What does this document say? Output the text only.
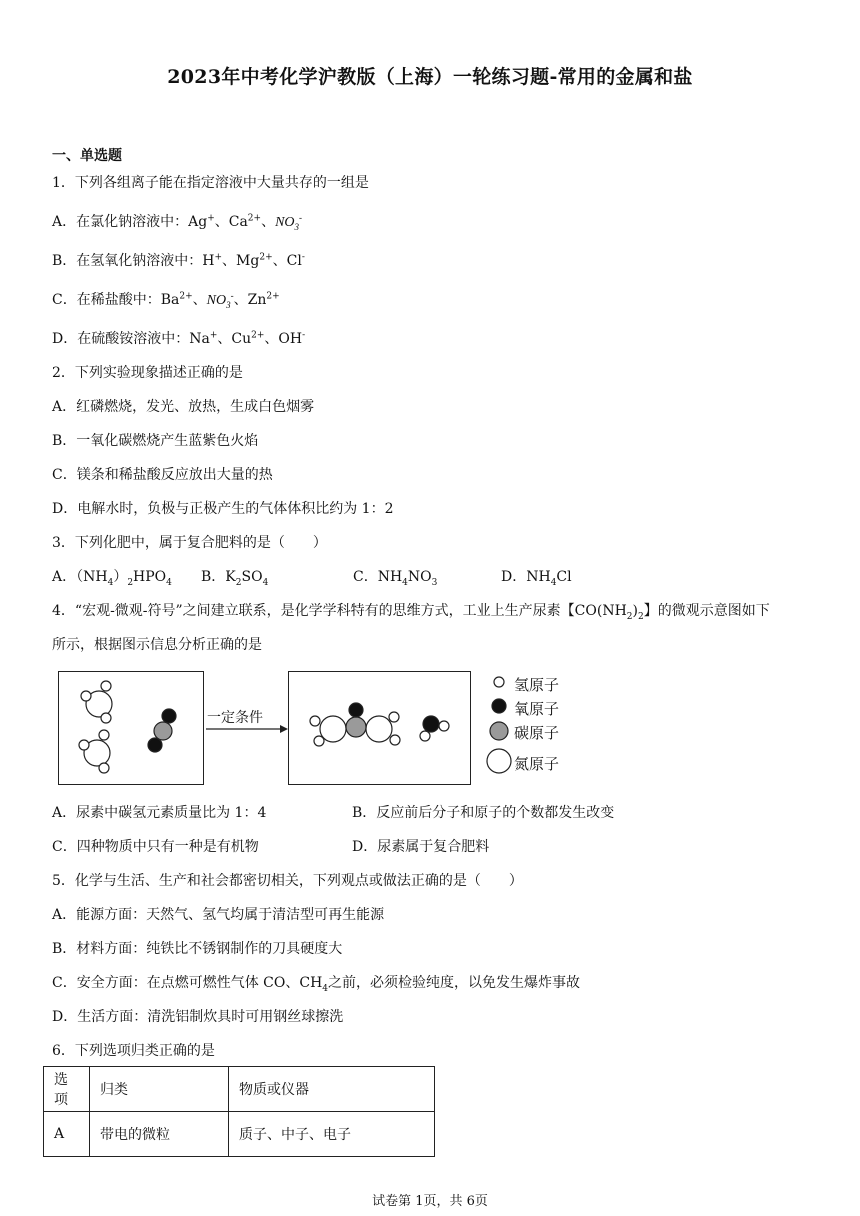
2023年中考化学沪教版（上海）一轮练习题-常用的金属和盐
一、单选题
1．下列各组离子能在指定溶液中大量共存的一组是
A．在氯化钠溶液中：Ag+、$Ca^{2+}$、$NO_3^-$
B．在氢氧化钠溶液中：H+、$Mg^{2+}$、Cl-
C．在稀盐酸中：$Ba^{2+}$、$NO_3^-$、$Zn^{2+}$
D．在硫酸铵溶液中：Na+、$Cu^{2+}$、OH-
2．下列实验现象描述正确的是
A．红磷燃烧，发光、放热，生成白色烟雾
B．一氧化碳燃烧产生蓝紫色火焰
C．镁条和稀盐酸反应放出大量的热
D．电解水时，负极与正极产生的气体体积比约为 1：2
3．下列化肥中，属于复合肥料的是（　　）
A．$(NH_4)_2HPO_4$ B．$K_2SO_4$	C．$NH_4NO_3$	D．$NH_4Cl$
4．“宏观-微观-符号”之间建立联系，是化学学科特有的思维方式，工业上生产尿素【$CO(NH_2)_2$】的微观示意图如下
所示，根据图示信息分析正确的是
一定条件
氢原子
氧原子
碳原子
氮原子
A．尿素中碳氢元素质量比为 1：4	B．反应前后分子和原子的个数都发生改变
C．四种物质中只有一种是有机物	D．尿素属于复合肥料
5．化学与生活、生产和社会都密切相关，下列观点或做法正确的是（　　）
A．能源方面：天然气、氢气均属于清洁型可再生能源
B．材料方面：纯铁比不锈钢制作的刀具硬度大
C．安全方面：在点燃可燃性气体 CO、$CH_4$之前，必须检验纯度，以免发生爆炸事故
D．生活方面：清洗铝制炊具时可用钢丝球擦洗
6．下列选项归类正确的是
选项	归类	物质或仪器
A	带电的微粒	质子、中子、电子
试卷第 1页，共 6页
